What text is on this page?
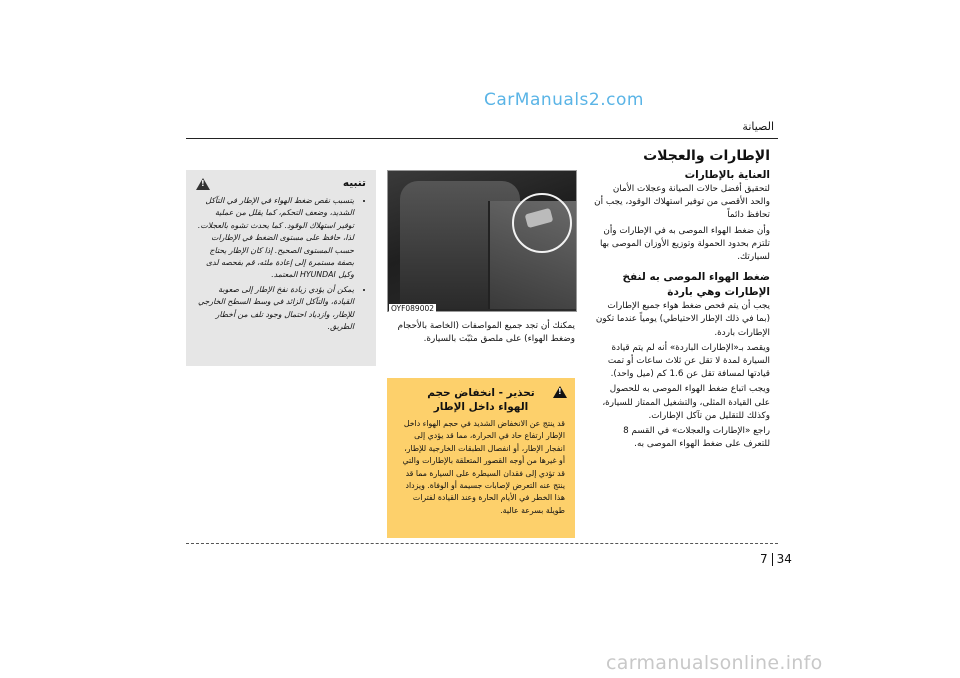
CarManuals2.com
الصيانة
الإطارات والعجلات
العناية بالإطارات

لتحقيق أفضل حالات الصيانة وعجلات الأمان والحد الأقصى من توفير استهلاك الوقود، يجب أن تحافظ دائماً

وأن ضغط الهواء الموصى به في الإطارات وأن تلتزم بحدود الحمولة وتوزيع الأوزان الموصى بها لسيارتك.

ضغط الهواء الموصى به لنفخ الإطارات وهي باردة

يجب أن يتم فحص ضغط هواء جميع الإطارات (بما في ذلك الإطار الاحتياطي) يومياً عندما تكون الإطارات باردة.

ويقصد بـ«الإطارات الباردة» أنه لم يتم قيادة السيارة لمدة لا تقل عن ثلاث ساعات أو تمت قيادتها لمسافة تقل عن 1.6 كم (ميل واحد).

ويجب اتباع ضغط الهواء الموصى به للحصول على القيادة المثلى، والتشغيل الممتاز للسيارة، وكذلك للتقليل من تآكل الإطارات.

راجع «الإطارات والعجلات» في القسم 8 للتعرف على ضغط الهواء الموصى به.

OYF089002
يمكنك أن تجد جميع المواصفات (الخاصة بالأحجام وضغط الهواء) على ملصق مثبّت بالسيارة.
!
تحذير - انخفاض حجم الهواء داخل الإطار
قد ينتج عن الانخفاض الشديد في حجم الهواء داخل الإطار ارتفاع حاد في الحرارة، مما قد يؤدي إلى انفجار الإطار، أو انفصال الطبقات الخارجية للإطار، أو غيرها من أوجه القصور المتعلقة بالإطارات والتي قد تؤدي إلى فقدان السيطرة على السيارة مما قد ينتج عنه التعرض لإصابات جسيمة أو الوفاة. ويزداد هذا الخطر في الأيام الحارة وعند القيادة لفترات طويلة بسرعة عالية.
!
تنبيه
• يتسبب نقص ضغط الهواء في الإطار في التآكل الشديد، وضعف التحكم، كما يقلل من عملية توفير استهلاك الوقود. كما يحدث تشوه بالعجلات. لذا، حافظ على مستوى الضغط في الإطارات حسب المستوى الصحيح. إذا كان الإطار يحتاج بصفة مستمرة إلى إعادة ملئه، قم بفحصه لدى وكيل HYUNDAI المعتمد.
• يمكن أن يؤدي زيادة نفخ الإطار إلى صعوبة القيادة، والتآكل الزائد في وسط السطح الخارجي للإطار، وازدياد احتمال وجود تلف من أخطار الطريق.
7 34
carmanualsonline.info
